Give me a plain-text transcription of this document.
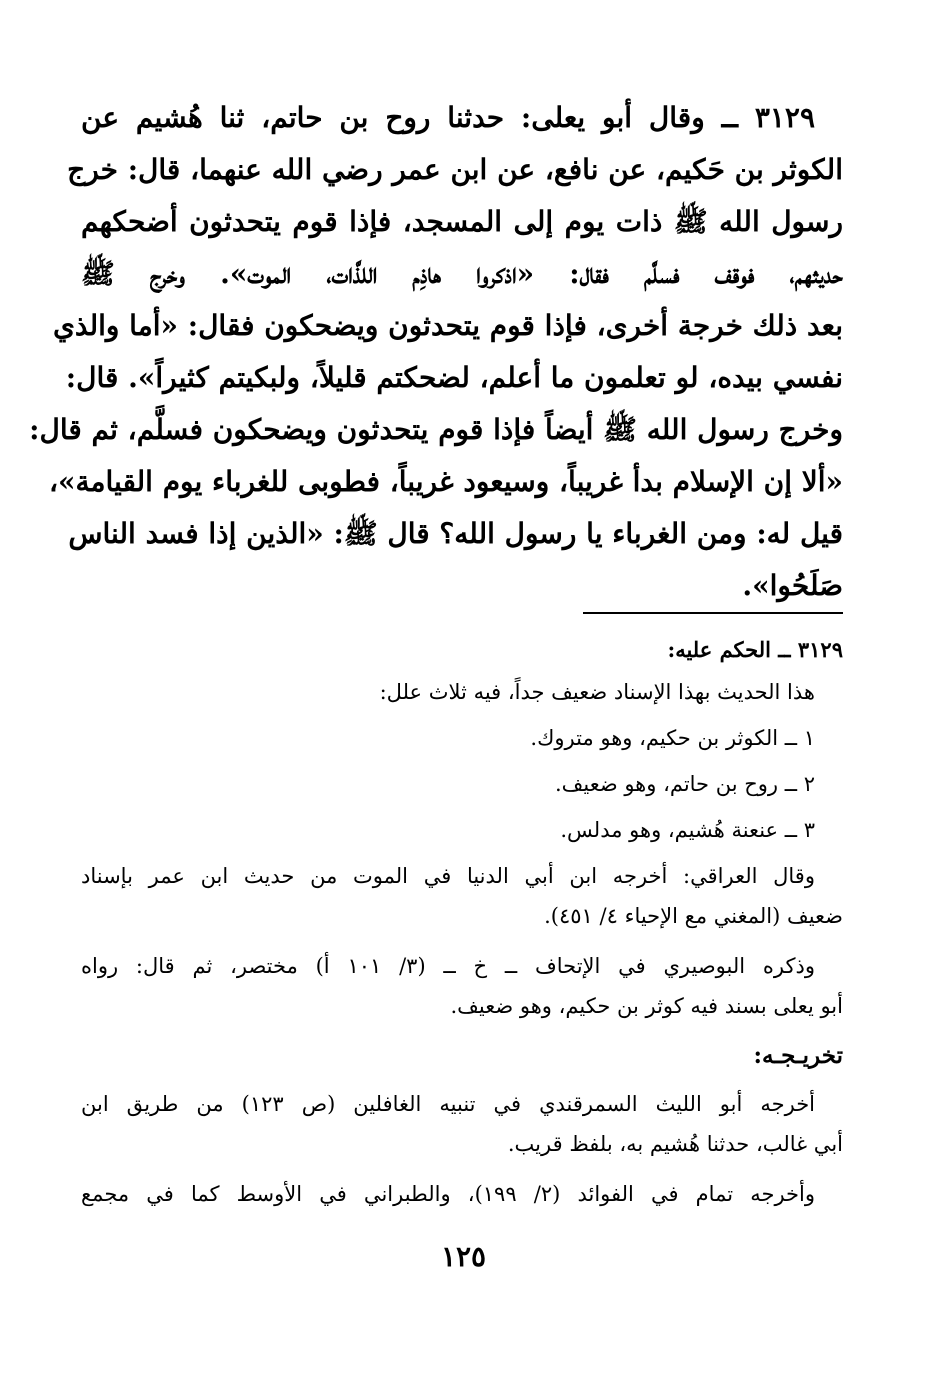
٣١٢٩ ــ وقال أبو يعلى: حدثنا روح بن حاتم، ثنا هُشيم عن
الكوثر بن حَكيم، عن نافع، عن ابن عمر رضي الله عنهما، قال: خرج
رسول الله ﷺ ذات يوم إلى المسجد، فإذا قوم يتحدثون أضحكهم
حديثهم، فوقف فسلَّم فقال: «اذكروا هاذِم اللذَّات، الموت». وخرج ﷺ
بعد ذلك خرجة أخرى، فإذا قوم يتحدثون ويضحكون فقال: «أما والذي
نفسي بيده، لو تعلمون ما أعلم، لضحكتم قليلاً، ولبكيتم كثيراً». قال:
وخرج رسول الله ﷺ أيضاً فإذا قوم يتحدثون ويضحكون فسلَّم، ثم قال:
«ألا إن الإسلام بدأ غريباً، وسيعود غريباً، فطوبى للغرباء يوم القيامة»،
قيل له: ومن الغرباء يا رسول الله؟ قال ﷺ: «الذين إذا فسد الناس
صَلَحُوا».
٣١٢٩ ــ الحكم عليه:
هذا الحديث بهذا الإسناد ضعيف جداً، فيه ثلاث علل:
١ ــ الكوثر بن حكيم، وهو متروك.
٢ ــ روح بن حاتم، وهو ضعيف.
٣ ــ عنعنة هُشيم، وهو مدلس.
وقال العراقي: أخرجه ابن أبي الدنيا في الموت من حديث ابن عمر بإسناد
ضعيف (المغني مع الإحياء ٤/ ٤٥١).
وذكره البوصيري في الإتحاف ــ خ ــ (٣/ ١٠١ أ) مختصر، ثم قال: رواه
أبو يعلى بسند فيه كوثر بن حكيم، وهو ضعيف.
تخريـجـه:
أخرجه أبو الليث السمرقندي في تنبيه الغافلين (ص ١٢٣) من طريق ابن
أبي غالب، حدثنا هُشيم به، بلفظ قريب.
وأخرجه تمام في الفوائد (٢/ ١٩٩)، والطبراني في الأوسط كما في مجمع
١٢٥
